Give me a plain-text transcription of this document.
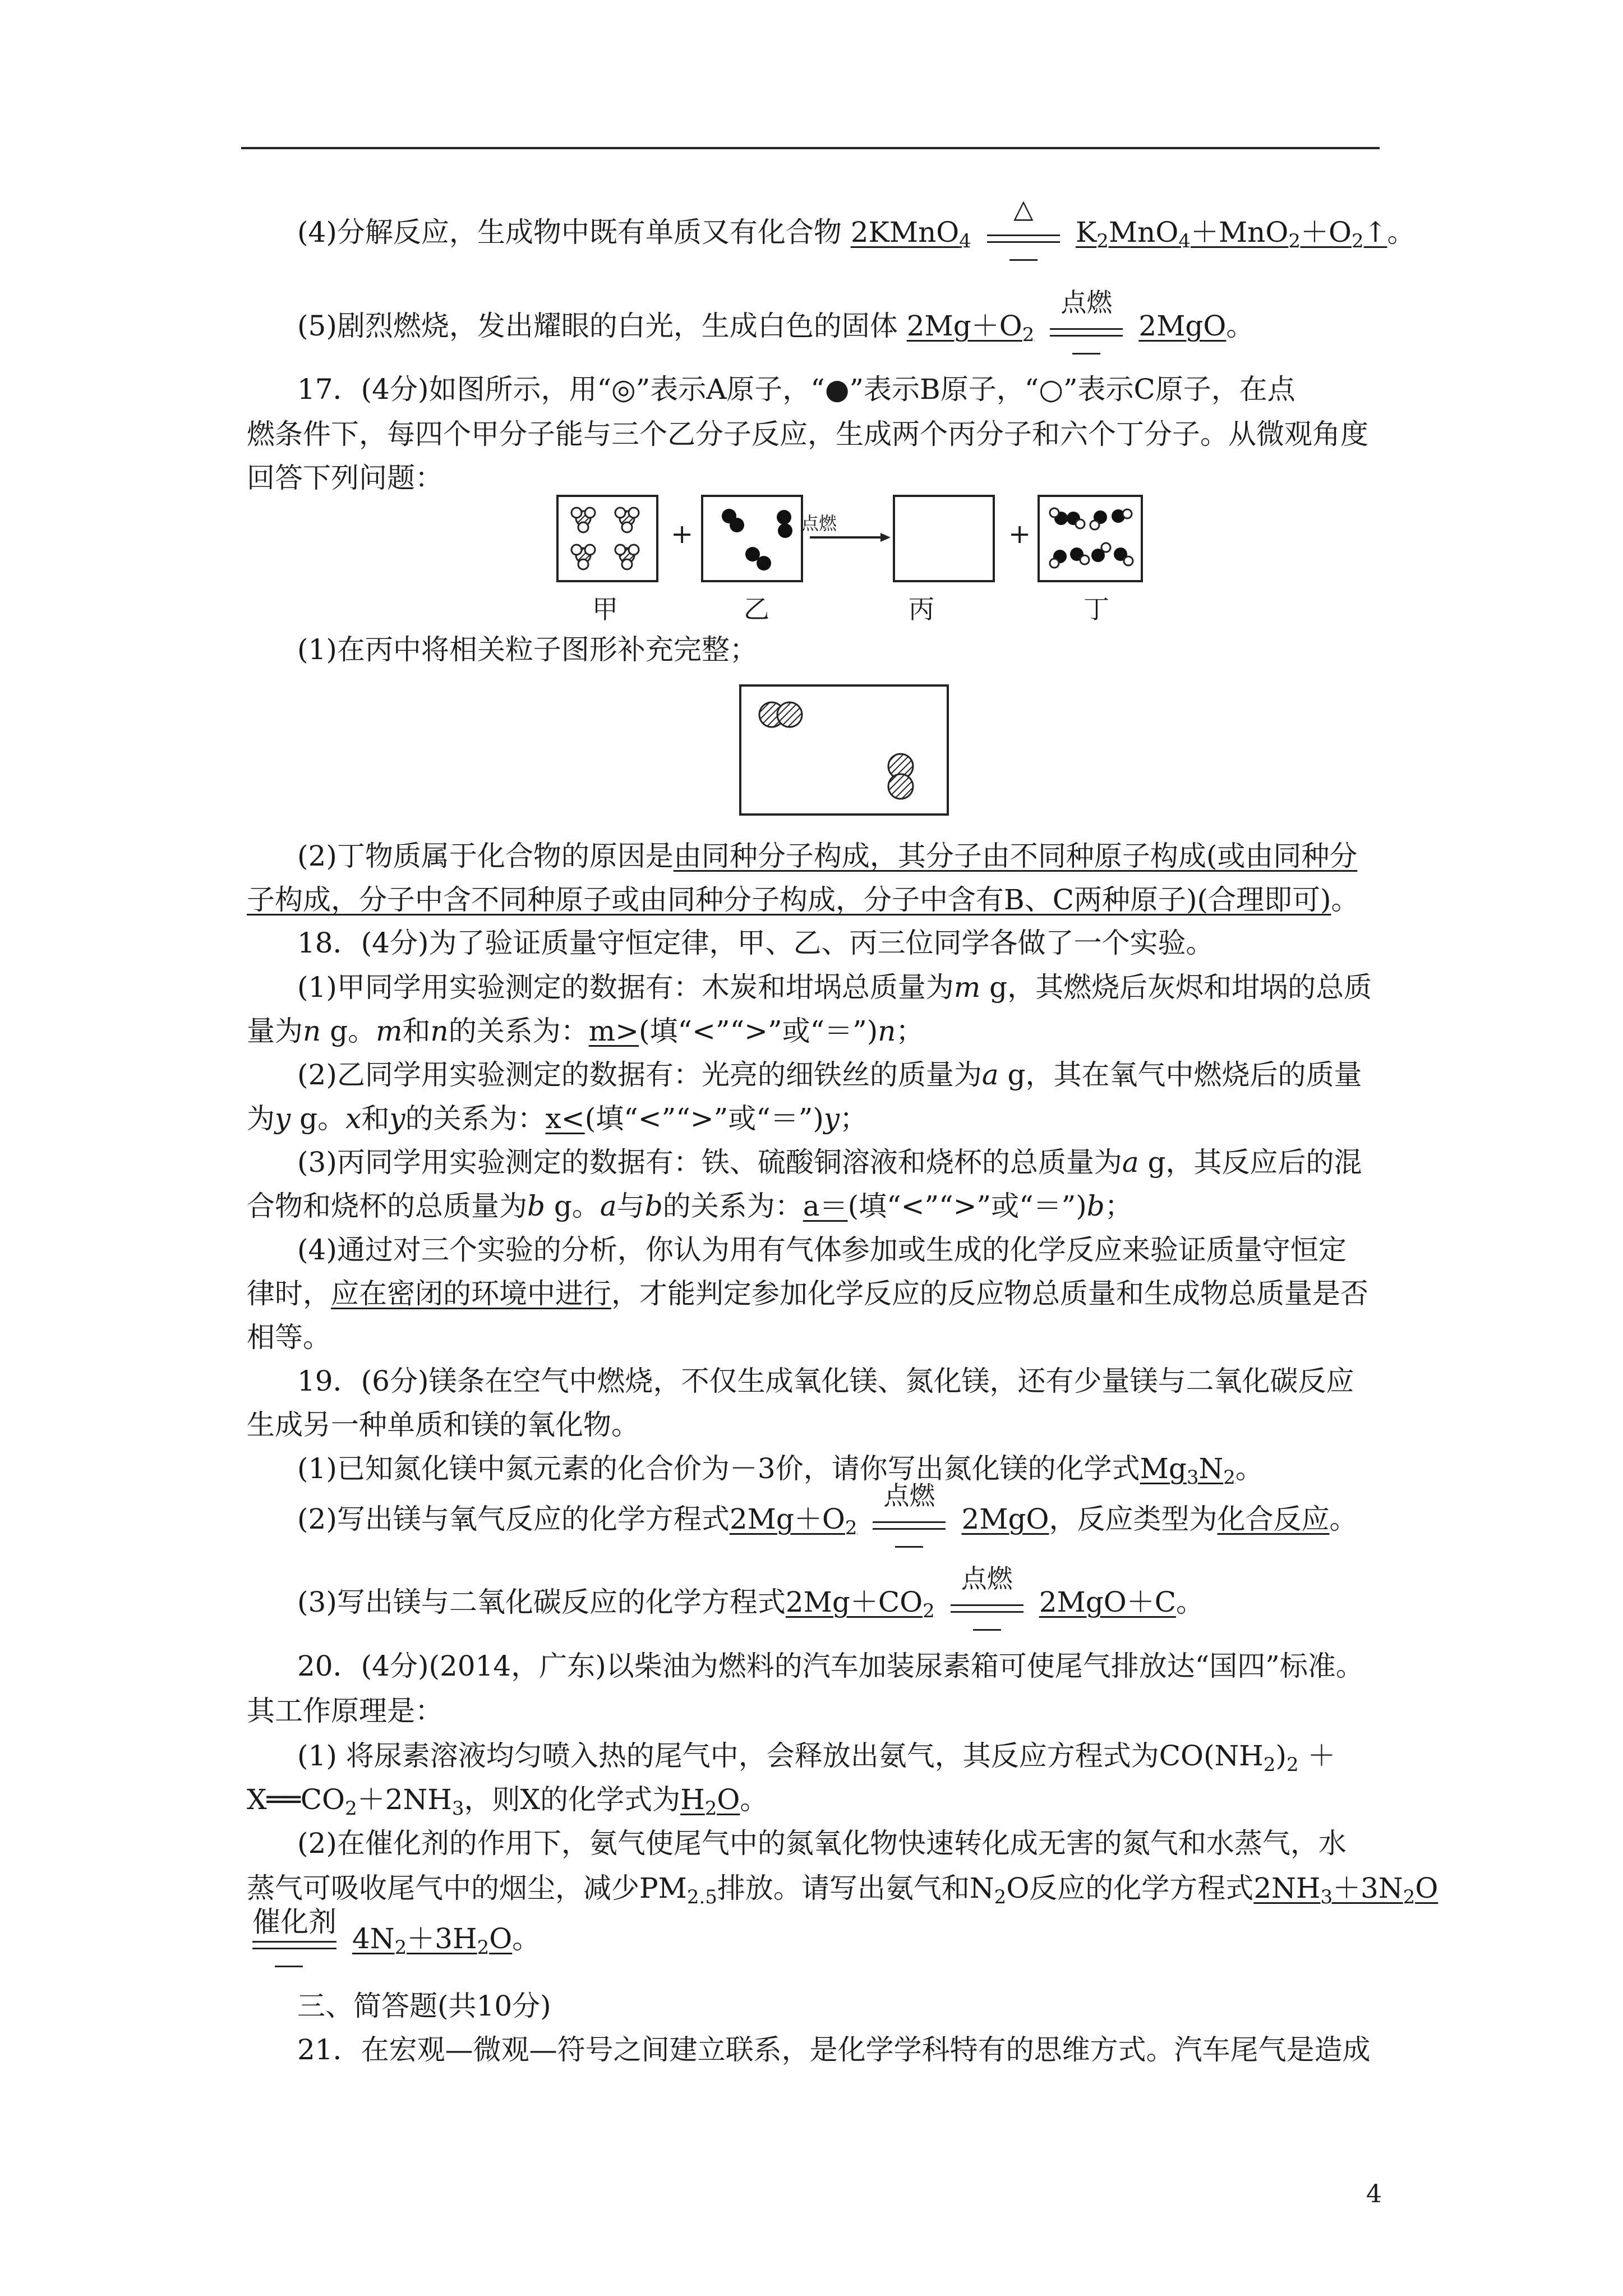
(4)分解反应，生成物中既有单质又有化合物 2KMnO$_4$
△
$K_2MnO_4+MnO_2+O_2↑$。
(5)剧烈燃烧，发出耀眼的白光，生成白色的固体 $2Mg+O_2$
点燃
2MgO。
17．(4分)如图所示，用“◎”表示A原子，“●”表示B原子，“○”表示C原子，在点
燃条件下，每四个甲分子能与三个乙分子反应，生成两个丙分子和六个丁分子。从微观角度
回答下列问题：
+	点燃	+
甲	乙	丙	丁
(1)在丙中将相关粒子图形补充完整；
(2)丁物质属于化合物的原因是由同种分子构成，其分子由不同种原子构成(或由同种分
子构成，分子中含不同种原子或由同种分子构成，分子中含有B、C两种原子)(合理即可)。
18．(4分)为了验证质量守恒定律，甲、乙、丙三位同学各做了一个实验。
(1)甲同学用实验测定的数据有：木炭和坩埚总质量为m g，其燃烧后灰烬和坩埚的总质
量为n g。m和n的关系为：m>(填“<”“>”或“＝”)n；
(2)乙同学用实验测定的数据有：光亮的细铁丝的质量为a g，其在氧气中燃烧后的质量
为y g。x和y的关系为：x<(填“<”“>”或“＝”)y；
(3)丙同学用实验测定的数据有：铁、硫酸铜溶液和烧杯的总质量为a g，其反应后的混
合物和烧杯的总质量为b g。a与b的关系为：a＝(填“<”“>”或“＝”)b；
(4)通过对三个实验的分析，你认为用有气体参加或生成的化学反应来验证质量守恒定
律时，应在密闭的环境中进行，才能判定参加化学反应的反应物总质量和生成物总质量是否
相等。
19．(6分)镁条在空气中燃烧，不仅生成氧化镁、氮化镁，还有少量镁与二氧化碳反应
生成另一种单质和镁的氧化物。
(1)已知氮化镁中氮元素的化合价为－3价，请你写出氮化镁的化学式$Mg_3N_2$。
(2)写出镁与氧气反应的化学方程式$2Mg+O_2$
点燃
2MgO，反应类型为化合反应。
(3)写出镁与二氧化碳反应的化学方程式$2Mg+CO_2$
点燃
2MgO＋C。
20．(4分)(2014，广东)以柴油为燃料的汽车加装尿素箱可使尾气排放达“国四”标准。
其工作原理是：
(1) 将尿素溶液均匀喷入热的尾气中，会释放出氨气，其反应方程式为$CO(NH_2)_2$ ＋
$X══CO_2+2NH_3$，则X的化学式为$H_2O$。
(2)在催化剂的作用下，氨气使尾气中的氮氧化物快速转化成无害的氮气和水蒸气，水
蒸气可吸收尾气中的烟尘，减少$PM_{2.5}$排放。请写出氨气和$N_2O$反应的化学方程式$2NH_3+3N_2O$
催化剂
$4N_2+3H_2O$。
三、简答题(共10分)
21．在宏观—微观—符号之间建立联系，是化学学科特有的思维方式。汽车尾气是造成
4
